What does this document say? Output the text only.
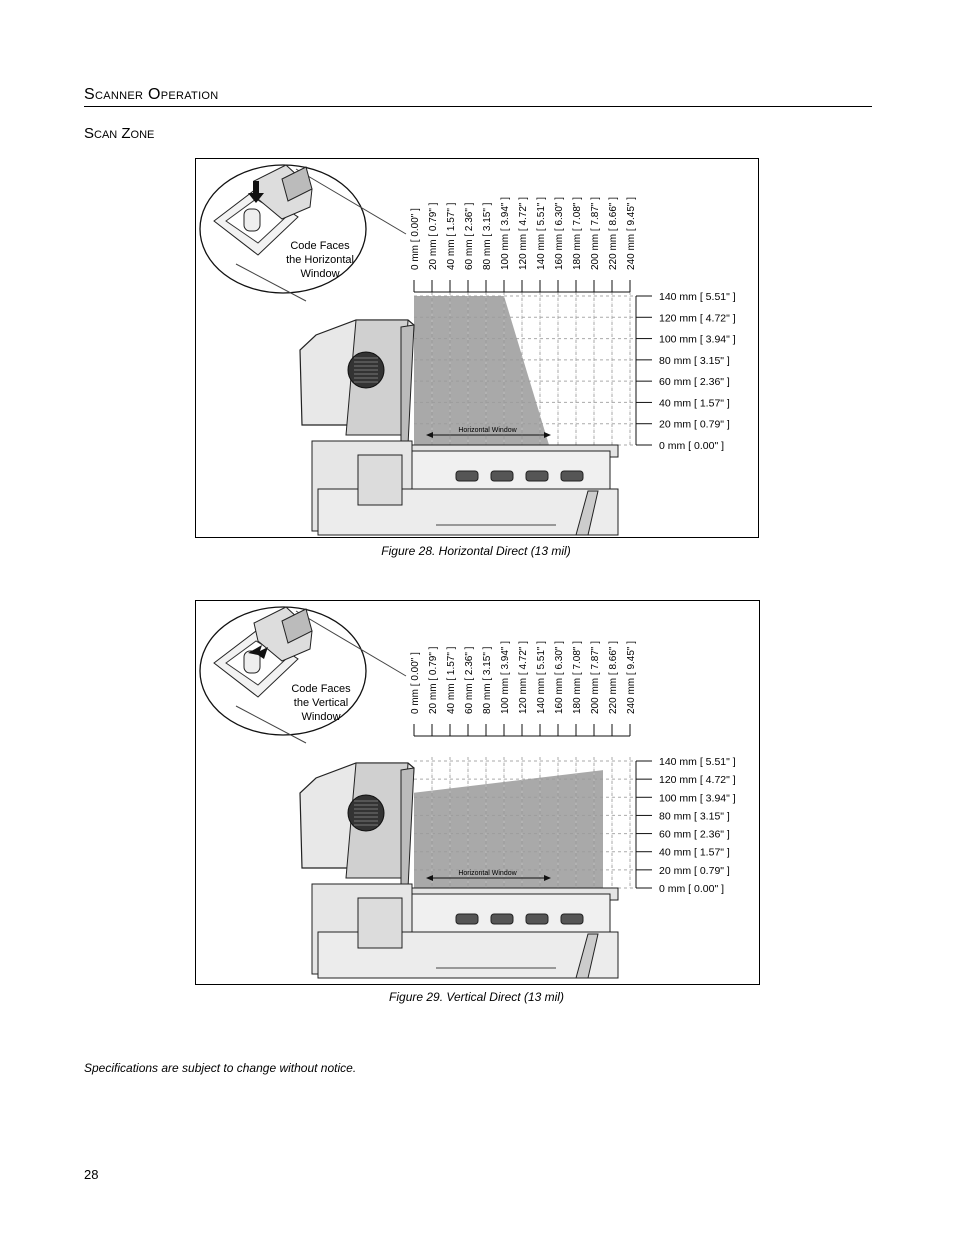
Scanner Operation
Scan Zone
Code Faces
the Horizontal
Window
0 mm [ 0.00" ] 20 mm [ 0.79" ] 40 mm [ 1.57" ] 60 mm [ 2.36" ] 80 mm [ 3.15" ] 100 mm [ 3.94" ] 120 mm [ 4.72" ] 140 mm [ 5.51" ] 160 mm [ 6.30" ] 180 mm [ 7.08" ] 200 mm [ 7.87" ] 220 mm [ 8.66" ] 240 mm [ 9.45" ]
140 mm [ 5.51" ]
120 mm [ 4.72" ]
100 mm [ 3.94" ]
80 mm [ 3.15" ]
60 mm [ 2.36" ]
40 mm [ 1.57" ]
20 mm [ 0.79" ]
0 mm [ 0.00" ]
Horizontal Window
Figure 28. Horizontal Direct (13 mil)
Code Faces
the Vertical
Window
0 mm [ 0.00" ] 20 mm [ 0.79" ] 40 mm [ 1.57" ] 60 mm [ 2.36" ] 80 mm [ 3.15" ] 100 mm [ 3.94" ] 120 mm [ 4.72" ] 140 mm [ 5.51" ] 160 mm [ 6.30" ] 180 mm [ 7.08" ] 200 mm [ 7.87" ] 220 mm [ 8.66" ] 240 mm [ 9.45" ]
140 mm [ 5.51" ]
120 mm [ 4.72" ]
100 mm [ 3.94" ]
80 mm [ 3.15" ]
60 mm [ 2.36" ]
40 mm [ 1.57" ]
20 mm [ 0.79" ]
0 mm [ 0.00" ]
Horizontal Window
Figure 29. Vertical Direct (13 mil)
Specifications are subject to change without notice.
28
